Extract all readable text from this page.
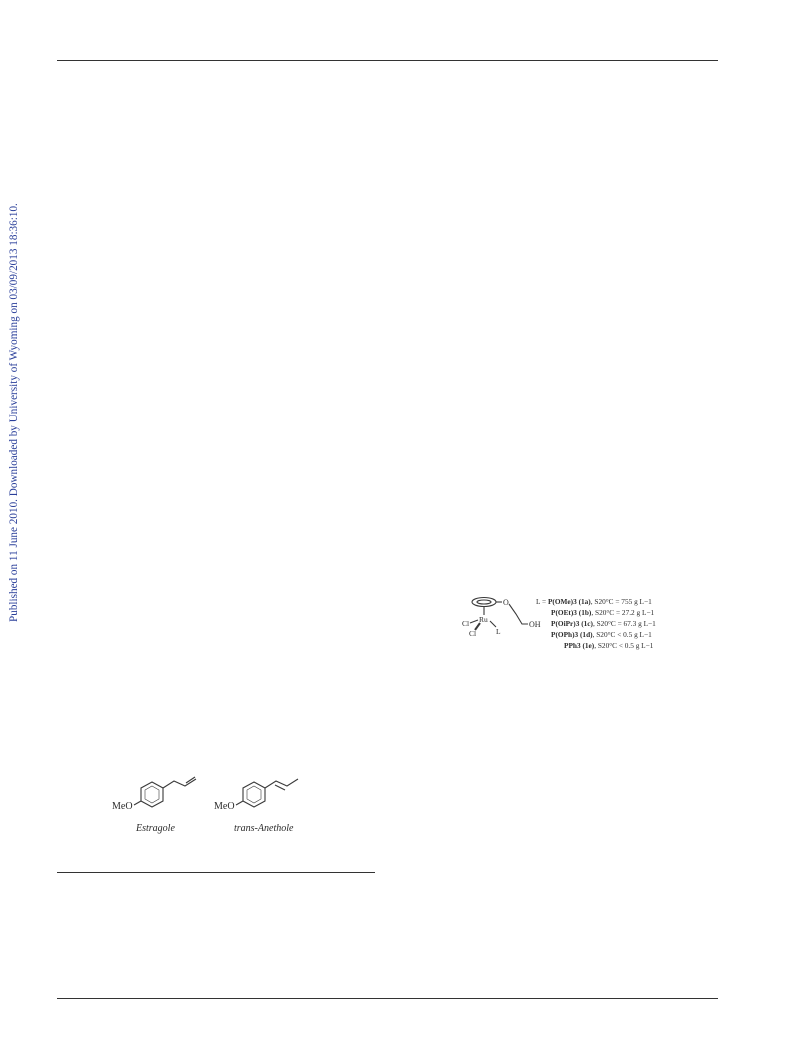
Published on 11 June 2010. Downloaded by University of Wyoming on 03/09/2013 18:36:10.	O
OH
Ru
Cl
Cl	L
L = P(OMe)3 (1a), S20°C = 755 g L−1
P(OEt)3 (1b), S20°C = 27.2 g L−1
P(OiPr)3 (1c), S20°C = 67.3 g L−1
P(OPh)3 (1d), S20°C < 0.5 g L−1
PPh3 (1e), S20°C < 0.5 g L−1
MeO
Estragole
MeO
trans-Anethole
